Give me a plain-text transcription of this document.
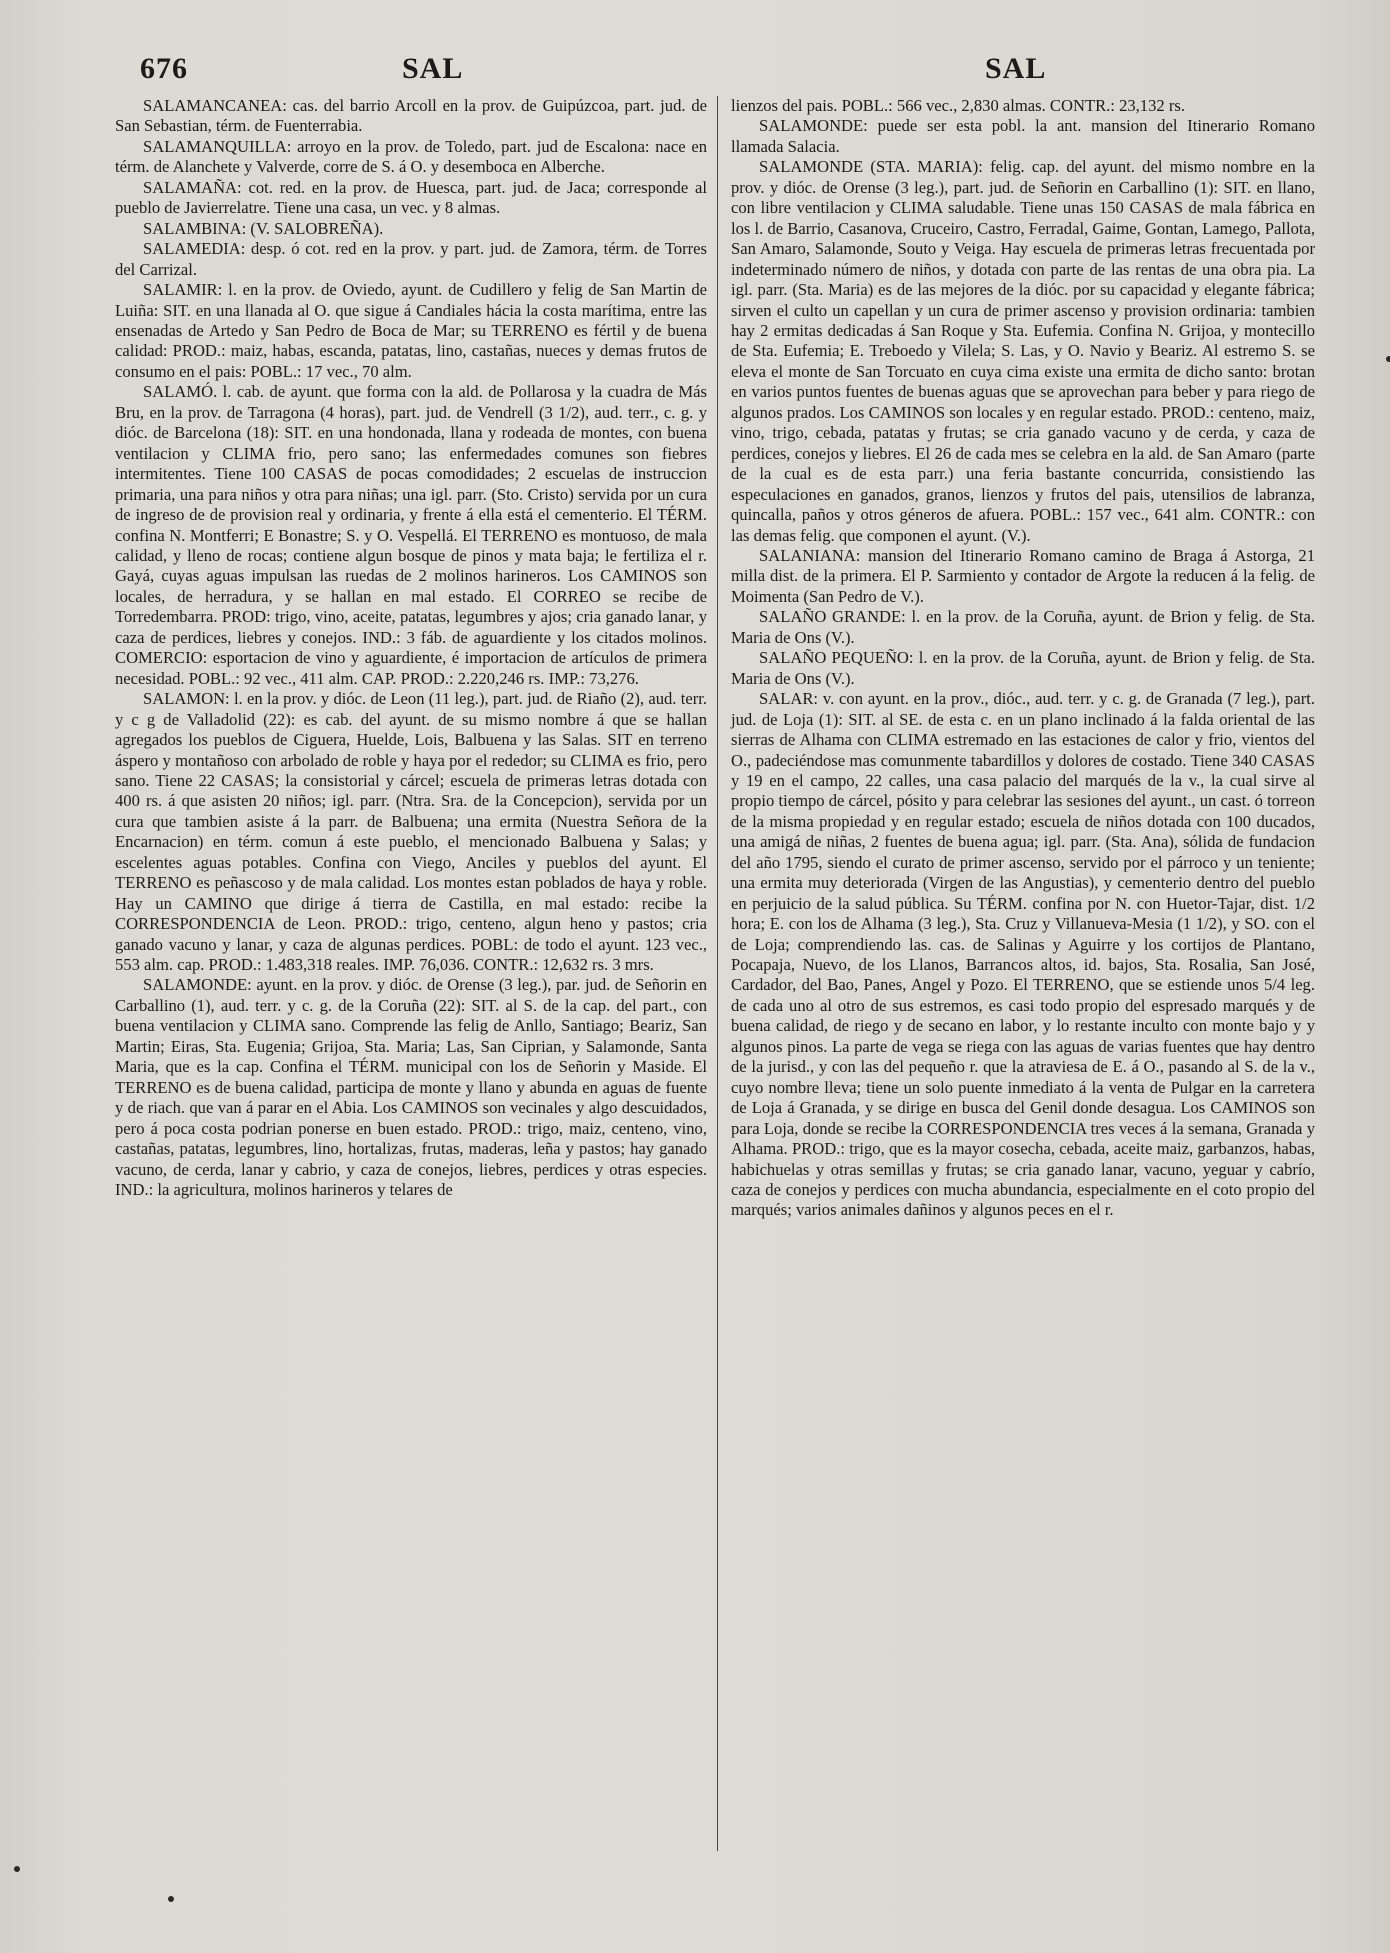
676	SAL	SAL

SALAMANCANEA: cas. del barrio Arcoll en la prov. de Guipúzcoa, part. jud. de San Sebastian, térm. de Fuenterrabia.

SALAMANQUILLA: arroyo en la prov. de Toledo, part. jud de Escalona: nace en térm. de Alanchete y Valverde, corre de S. á O. y desemboca en Alberche.

SALAMAÑA: cot. red. en la prov. de Huesca, part. jud. de Jaca; corresponde al pueblo de Javierrelatre. Tiene una casa, un vec. y 8 almas.

SALAMBINA: (V. SALOBREÑA).

SALAMEDIA: desp. ó cot. red en la prov. y part. jud. de Zamora, térm. de Torres del Carrizal.

SALAMIR: l. en la prov. de Oviedo, ayunt. de Cudillero y felig de San Martin de Luiña: SIT. en una llanada al O. que sigue á Candiales hácia la costa marítima, entre las ensenadas de Artedo y San Pedro de Boca de Mar; su TERRENO es fértil y de buena calidad: PROD.: maiz, habas, escanda, patatas, lino, castañas, nueces y demas frutos de consumo en el pais: POBL.: 17 vec., 70 alm.

SALAMÓ. l. cab. de ayunt. que forma con la ald. de Pollarosa y la cuadra de Más Bru, en la prov. de Tarragona (4 horas), part. jud. de Vendrell (3 1/2), aud. terr., c. g. y dióc. de Barcelona (18): SIT. en una hondonada, llana y rodeada de montes, con buena ventilacion y CLIMA frio, pero sano; las enfermedades comunes son fiebres intermitentes. Tiene 100 CASAS de pocas comodidades; 2 escuelas de instruccion primaria, una para niños y otra para niñas; una igl. parr. (Sto. Cristo) servida por un cura de ingreso de de provision real y ordinaria, y frente á ella está el cementerio. El TÉRM. confina N. Montferri; E Bonastre; S. y O. Vespellá. El TERRENO es montuoso, de mala calidad, y lleno de rocas; contiene algun bosque de pinos y mata baja; le fertiliza el r. Gayá, cuyas aguas impulsan las ruedas de 2 molinos harineros. Los CAMINOS son locales, de herradura, y se hallan en mal estado. El CORREO se recibe de Torredembarra. PROD: trigo, vino, aceite, patatas, legumbres y ajos; cria ganado lanar, y caza de perdices, liebres y conejos. IND.: 3 fáb. de aguardiente y los citados molinos. COMERCIO: esportacion de vino y aguardiente, é importacion de artículos de primera necesidad. POBL.: 92 vec., 411 alm. CAP. PROD.: 2.220,246 rs. IMP.: 73,276.

SALAMON: l. en la prov. y dióc. de Leon (11 leg.), part. jud. de Riaño (2), aud. terr. y c g de Valladolid (22): es cab. del ayunt. de su mismo nombre á que se hallan agregados los pueblos de Ciguera, Huelde, Lois, Balbuena y las Salas. SIT en terreno áspero y montañoso con arbolado de roble y haya por el rededor; su CLIMA es frio, pero sano. Tiene 22 CASAS; la consistorial y cárcel; escuela de primeras letras dotada con 400 rs. á que asisten 20 niños; igl. parr. (Ntra. Sra. de la Concepcion), servida por un cura que tambien asiste á la parr. de Balbuena; una ermita (Nuestra Señora de la Encarnacion) en térm. comun á este pueblo, el mencionado Balbuena y Salas; y escelentes aguas potables. Confina con Viego, Anciles y pueblos del ayunt. El TERRENO es peñascoso y de mala calidad. Los montes estan poblados de haya y roble. Hay un CAMINO que dirige á tierra de Castilla, en mal estado: recibe la CORRESPONDENCIA de Leon. PROD.: trigo, centeno, algun heno y pastos; cria ganado vacuno y lanar, y caza de algunas perdices. POBL: de todo el ayunt. 123 vec., 553 alm. cap. PROD.: 1.483,318 reales. IMP. 76,036. CONTR.: 12,632 rs. 3 mrs.

SALAMONDE: ayunt. en la prov. y dióc. de Orense (3 leg.), par. jud. de Señorin en Carballino (1), aud. terr. y c. g. de la Coruña (22): SIT. al S. de la cap. del part., con buena ventilacion y CLIMA sano. Comprende las felig de Anllo, Santiago; Beariz, San Martin; Eiras, Sta. Eugenia; Grijoa, Sta. Maria; Las, San Ciprian, y Salamonde, Santa Maria, que es la cap. Confina el TÉRM. municipal con los de Señorin y Maside. El TERRENO es de buena calidad, participa de monte y llano y abunda en aguas de fuente y de riach. que van á parar en el Abia. Los CAMINOS son vecinales y algo descuidados, pero á poca costa podrian ponerse en buen estado. PROD.: trigo, maiz, centeno, vino, castañas, patatas, legumbres, lino, hortalizas, frutas, maderas, leña y pastos; hay ganado vacuno, de cerda, lanar y cabrio, y caza de conejos, liebres, perdices y otras especies. IND.: la agricultura, molinos harineros y telares de

lienzos del pais. POBL.: 566 vec., 2,830 almas. CONTR.: 23,132 rs.

SALAMONDE: puede ser esta pobl. la ant. mansion del Itinerario Romano llamada Salacia.

SALAMONDE (STA. MARIA): felig. cap. del ayunt. del mismo nombre en la prov. y dióc. de Orense (3 leg.), part. jud. de Señorin en Carballino (1): SIT. en llano, con libre ventilacion y CLIMA saludable. Tiene unas 150 CASAS de mala fábrica en los l. de Barrio, Casanova, Cruceiro, Castro, Ferradal, Gaime, Gontan, Lamego, Pallota, San Amaro, Salamonde, Souto y Veiga. Hay escuela de primeras letras frecuentada por indeterminado número de niños, y dotada con parte de las rentas de una obra pia. La igl. parr. (Sta. Maria) es de las mejores de la dióc. por su capacidad y elegante fábrica; sirven el culto un capellan y un cura de primer ascenso y provision ordinaria: tambien hay 2 ermitas dedicadas á San Roque y Sta. Eufemia. Confina N. Grijoa, y montecillo de Sta. Eufemia; E. Treboedo y Vilela; S. Las, y O. Navio y Beariz. Al estremo S. se eleva el monte de San Torcuato en cuya cima existe una ermita de dicho santo: brotan en varios puntos fuentes de buenas aguas que se aprovechan para beber y para riego de algunos prados. Los CAMINOS son locales y en regular estado. PROD.: centeno, maiz, vino, trigo, cebada, patatas y frutas; se cria ganado vacuno y de cerda, y caza de perdices, conejos y liebres. El 26 de cada mes se celebra en la ald. de San Amaro (parte de la cual es de esta parr.) una feria bastante concurrida, consistiendo las especulaciones en ganados, granos, lienzos y frutos del pais, utensilios de labranza, quincalla, paños y otros géneros de afuera. POBL.: 157 vec., 641 alm. CONTR.: con las demas felig. que componen el ayunt. (V.).

SALANIANA: mansion del Itinerario Romano camino de Braga á Astorga, 21 milla dist. de la primera. El P. Sarmiento y contador de Argote la reducen á la felig. de Moimenta (San Pedro de V.).

SALAÑO GRANDE: l. en la prov. de la Coruña, ayunt. de Brion y felig. de Sta. Maria de Ons (V.).

SALAÑO PEQUEÑO: l. en la prov. de la Coruña, ayunt. de Brion y felig. de Sta. Maria de Ons (V.).

SALAR: v. con ayunt. en la prov., dióc., aud. terr. y c. g. de Granada (7 leg.), part. jud. de Loja (1): SIT. al SE. de esta c. en un plano inclinado á la falda oriental de las sierras de Alhama con CLIMA estremado en las estaciones de calor y frio, vientos del O., padeciéndose mas comunmente tabardillos y dolores de costado. Tiene 340 CASAS y 19 en el campo, 22 calles, una casa palacio del marqués de la v., la cual sirve al propio tiempo de cárcel, pósito y para celebrar las sesiones del ayunt., un cast. ó torreon de la misma propiedad y en regular estado; escuela de niños dotada con 100 ducados, una amigá de niñas, 2 fuentes de buena agua; igl. parr. (Sta. Ana), sólida de fundacion del año 1795, siendo el curato de primer ascenso, servido por el párroco y un teniente; una ermita muy deteriorada (Virgen de las Angustias), y cementerio dentro del pueblo en perjuicio de la salud pública. Su TÉRM. confina por N. con Huetor-Tajar, dist. 1/2 hora; E. con los de Alhama (3 leg.), Sta. Cruz y Villanueva-Mesia (1 1/2), y SO. con el de Loja; comprendiendo las. cas. de Salinas y Aguirre y los cortijos de Plantano, Pocapaja, Nuevo, de los Llanos, Barrancos altos, id. bajos, Sta. Rosalia, San José, Cardador, del Bao, Panes, Angel y Pozo. El TERRENO, que se estiende unos 5/4 leg. de cada uno al otro de sus estremos, es casi todo propio del espresado marqués y de buena calidad, de riego y de secano en labor, y lo restante inculto con monte bajo y y algunos pinos. La parte de vega se riega con las aguas de varias fuentes que hay dentro de la jurisd., y con las del pequeño r. que la atraviesa de E. á O., pasando al S. de la v., cuyo nombre lleva; tiene un solo puente inmediato á la venta de Pulgar en la carretera de Loja á Granada, y se dirige en busca del Genil donde desagua. Los CAMINOS son para Loja, donde se recibe la CORRESPONDENCIA tres veces á la semana, Granada y Alhama. PROD.: trigo, que es la mayor cosecha, cebada, aceite maiz, garbanzos, habas, habichuelas y otras semillas y frutas; se cria ganado lanar, vacuno, yeguar y cabrío, caza de conejos y perdices con mucha abundancia, especialmente en el coto propio del marqués; varios animales dañinos y algunos peces en el r.
